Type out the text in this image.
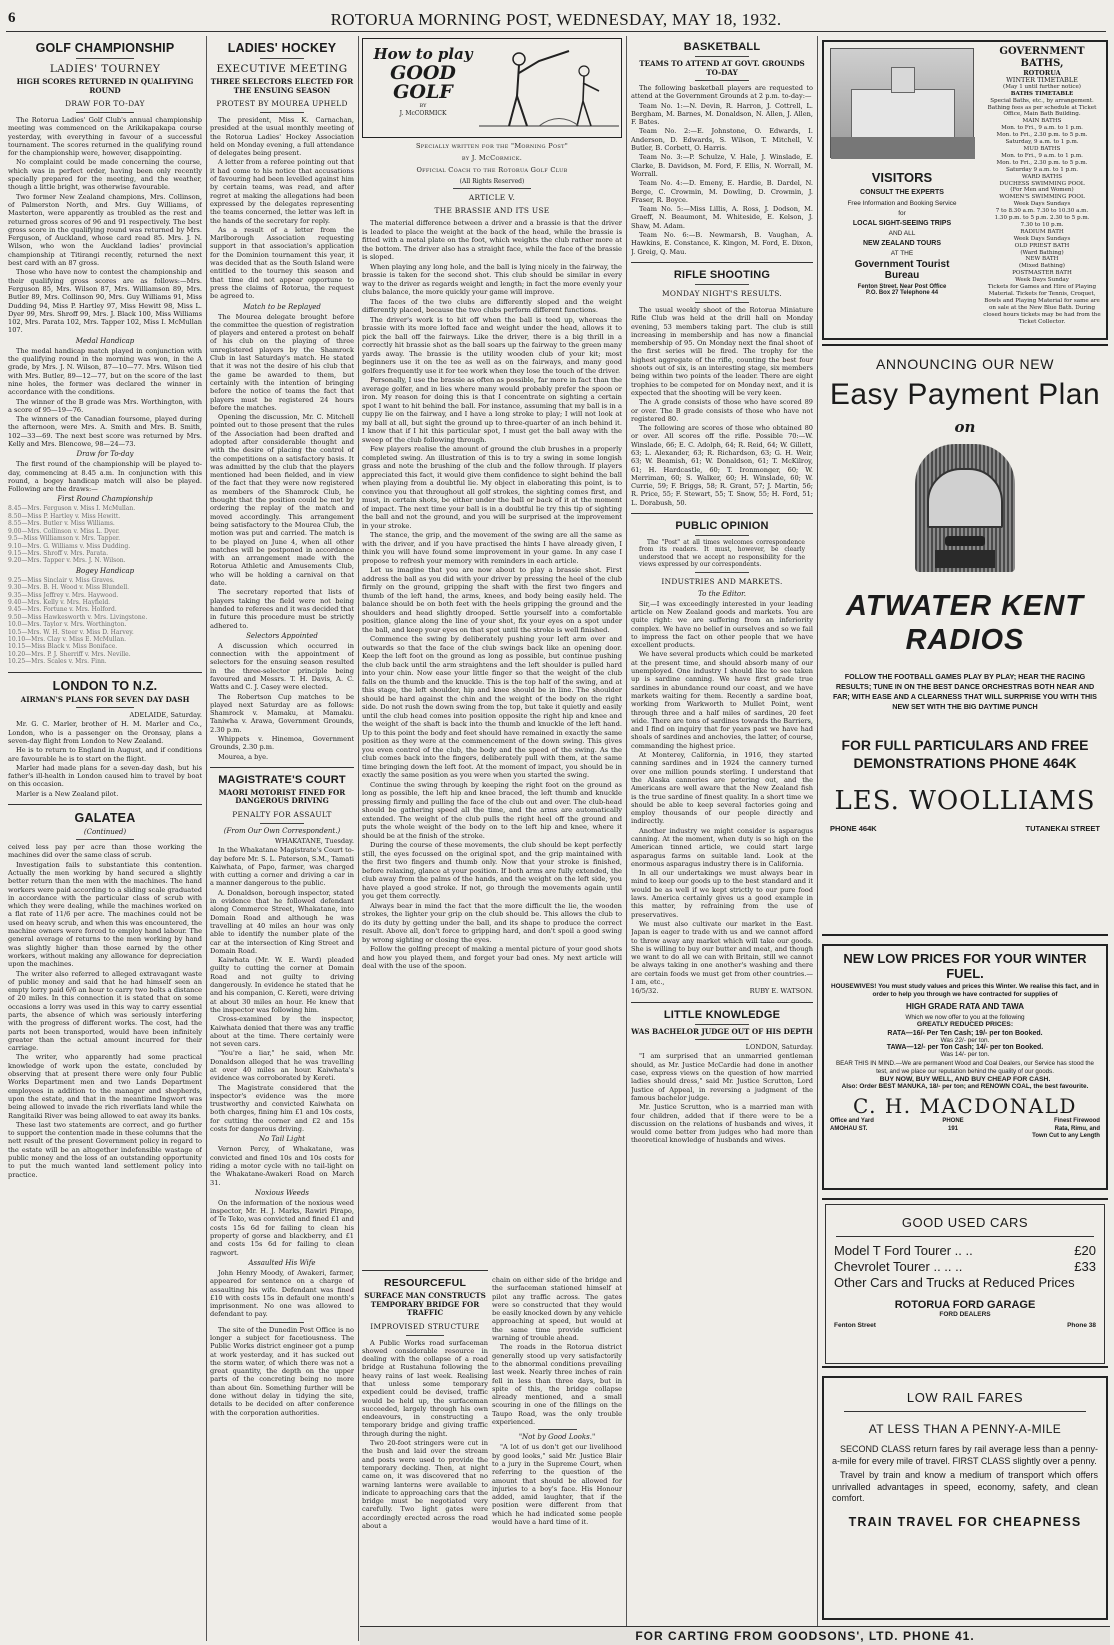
6	ROTORUA MORNING POST, WEDNESDAY, MAY 18, 1932.
GOLF CHAMPIONSHIP
LADIES' TOURNEY
HIGH SCORES RETURNED IN QUALIFYING ROUND
DRAW FOR TO-DAY

The Rotorua Ladies' Golf Club's annual championship meeting was commenced on the Arikikapakapa course yesterday, with everything in favour of a successful tournament. The scores returned in the qualifying round for the championship were, however, disappointing.

No complaint could be made concerning the course, which was in perfect order, having been only recently specially prepared for the meeting, and the weather, though a little bright, was otherwise favourable.

Two former New Zealand champions, Mrs. Collinson, of Palmerston North, and Mrs. Guy Williams, of Masterton, were apparently as troubled as the rest and returned gross scores of 96 and 91 respectively. The best gross score in the qualifying round was returned by Mrs. Ferguson, of Auckland, whose card read 85. Mrs. J. N. Wilson, who won the Auckland ladies' provincial championship at Titirangi recently, returned the next best card with an 87 gross.

Those who have now to contest the championship and their qualifying gross scores are as follows:—Mrs. Ferguson 85, Mrs. Wilson 87, Mrs. Williamson 89, Mrs. Butler 89, Mrs. Collinson 90, Mrs. Guy Williams 91, Miss Dudding 94, Miss P. Hartley 97, Miss Hewitt 98, Miss L. Dyer 99, Mrs. Shroff 99, Mrs. J. Black 100, Miss Williams 102, Mrs. Parata 102, Mrs. Tapper 102, Miss I. McMullan 107.

Medal Handicap

The medal handicap match played in conjunction with the qualifying round in the morning was won, in the A grade, by Mrs. J. N. Wilson, 87—10—77. Mrs. Wilson tied with Mrs. Butler, 89—12—77, but on the score of the last nine holes, the former was declared the winner in accordance with the conditions.

The winner of the B grade was Mrs. Worthington, with a score of 95—19—76.

The winners of the Canadian foursome, played during the afternoon, were Mrs. A. Smith and Mrs. B. Smith, 102—33—69. The next best score was returned by Mrs. Kelly and Mrs. Blencowe, 98—24—73.

Draw for To-day

The first round of the championship will be played to-day, commencing at 8.45 a.m. In conjunction with this round, a bogey handicap match will also be played. Following are the draws:—

First Round Championship
8.45—Mrs. Ferguson v. Miss I. McMullan.
8.50—Miss P. Hartley v. Miss Hewitt.
8.55—Mrs. Butler v. Miss Williams.
9.00—Mrs. Collinson v. Miss L. Dyer.
9.5—Miss Williamson v. Mrs. Tapper.
9.10—Mrs. G. Williams v. Miss Dudding.
9.15—Mrs. Shroff v. Mrs. Parata.
9.20—Mrs. Tapper v. Mrs. J. N. Wilson.
Bogey Handicap
9.25—Miss Sinclair v. Miss Graves.
9.30—Mrs. B. H. Wood v. Miss Blundell.
9.35—Miss Jeffrey v. Mrs. Haywood.
9.40—Mrs. Kelly v. Mrs. Hayfield.
9.45—Mrs. Fortune v. Mrs. Holford.
9.50—Miss Hawkesworth v. Mrs. Livingstone.
10.0—Mrs. Taylor v. Mrs. Worthington.
10.5—Mrs. W. H. Steer v. Miss D. Harvey.
10.10—Mrs. Clay v. Miss E. McMullan.
10.15—Miss Black v. Miss Boniface.
10.20—Mrs. P. J. Sherriff v. Mrs. Neville.
10.25—Mrs. Scales v. Mrs. Finn.
LONDON TO N.Z.
AIRMAN'S PLANS FOR SEVEN DAY DASH

ADELAIDE, Saturday.

Mr. G. C. Marler, brother of H. M. Marler and Co., London, who is a passenger on the Oronsay, plans a seven-day flight from London to New Zealand.

He is to return to England in August, and if conditions are favourable he is to start on the flight.

Marler had made plans for a seven-day dash, but his father's ill-health in London caused him to travel by boat on this occasion.

Marler is a New Zealand pilot.

GALATEA
(Continued)

ceived less pay per acre than those working the machines did over the same class of scrub.

Investigation fails to substantiate this contention. Actually the men working by hand secured a slightly better return than the men with the machines. The hand workers were paid according to a sliding scale graduated in accordance with the particular class of scrub with which they were dealing, while the machines worked on a flat rate of 11/6 per acre. The machines could not be used on heavy scrub, and when this was encountered, the machine owners were forced to employ hand labour. The general average of returns to the men working by hand was slightly higher than those earned by the other workers, without making any allowance for depreciation upon the machines.

The writer also referred to alleged extravagant waste of public money and said that he had himself seen an empty lorry paid 6/6 an hour to carry two bolts a distance of 20 miles. In this connection it is stated that on some occasions a lorry was used in this way to carry essential parts, the absence of which was seriously interfering with the progress of different works. The cost, had the parts not been transported, would have been infinitely greater than the actual amount incurred for their carriage.

The writer, who apparently had some practical knowledge of work upon the estate, concluded by observing that at present there were only four Public Works Department men and two Lands Department employees in addition to the manager and shepherds, upon the estate, and that in the meantime Ingwort was being allowed to invade the rich riverflats land while the Rangitaiki River was being allowed to eat away its banks.

These last two statements are correct, and go further to support the contention made in these columns that the nett result of the present Government policy in regard to the estate will be an altogether indefensible wastage of public money and the loss of an outstanding opportunity to put the much wanted land settlement policy into practice.

LADIES' HOCKEY
EXECUTIVE MEETING
THREE SELECTORS ELECTED FOR THE ENSUING SEASON
PROTEST BY MOUREA UPHELD

The president, Miss K. Carnachan, presided at the usual monthly meeting of the Rotorua Ladies' Hockey Association held on Monday evening, a full attendance of delegates being present.

A letter from a referee pointing out that it had come to his notice that accusations of favouring had been levelled against him by certain teams, was read, and after regret at making the allegations had been expressed by the delegates representing the teams concerned, the letter was left in the hands of the secretary for reply.

As a result of a letter from the Marlborough Association requesting support in that association's application for the Dominion tournament this year, it was decided that as the South Island were entitled to the tourney this season and that time did not appear opportune to press the claims of Rotorua, the request be agreed to.

Match to be Replayed

The Mourea delegate brought before the committee the question of registration of players and entered a protest on behalf of his club on the playing of three unregistered players by the Shamrock Club in last Saturday's match. He stated that it was not the desire of his club that the game be awarded to them, but certainly with the intention of bringing before the notice of teams the fact that players must be registered 24 hours before the matches.

Opening the discussion, Mr. C. Mitchell pointed out to those present that the rules of the Association had been drafted and adopted after considerable thought and with the desire of placing the control of the competitions on a satisfactory basis. It was admitted by the club that the players mentioned had been fielded, and in view of the fact that they were now registered as members of the Shamrock Club, he thought that the position could be met by ordering the replay of the match and moved accordingly. This arrangement being satisfactory to the Mourea Club, the motion was put and carried. The match is to be played on June 4, when all other matches will be postponed in accordance with an arrangement made with the Rotorua Athletic and Amusements Club, who will be holding a carnival on that date.

The secretary reported that lists of players taking the field were not being handed to referees and it was decided that in future this procedure must be strictly adhered to.

Selectors Appointed

A discussion which occurred in connection with the appointment of selectors for the ensuing season resulted in the three-selector principle being favoured and Messrs. T. H. Davis, A. C. Watts and C. J. Casey were elected.

The Robertson Cup matches to be played next Saturday are as follows: Shamrock v. Mamaku, at Mamaku. Taniwha v. Arawa, Government Grounds, 2.30 p.m.

Whippets v. Hinemoa, Government Grounds, 2.30 p.m.

Mourea, a bye.

MAGISTRATE'S COURT
MAORI MOTORIST FINED FOR DANGEROUS DRIVING
PENALTY FOR ASSAULT
(From Our Own Correspondent.)

WHAKATANE, Tuesday.

In the Whakatane Magistrate's Court to-day before Mr. S. L. Paterson, S.M., Tamati Kaiwhata, of Papo, farmer, was charged with cutting a corner and driving a car in a manner dangerous to the public.

A. Donaldson, borough inspector, stated in evidence that he followed defendant along Commerce Street, Whakatane, into Domain Road and although he was travelling at 40 miles an hour was only able to identify the number plate of the car at the intersection of King Street and Domain Road.

Kaiwhata (Mr. W. E. Ward) pleaded guilty to cutting the corner at Domain Road and not guilty to driving dangerously. In evidence he stated that he and his companion, C. Kereti, were driving at about 30 miles an hour. He knew that the inspector was following him.

Cross-examined by the inspector, Kaiwhata denied that there was any traffic about at the time. There certainly were not seven cars.

"You're a liar," he said, when Mr. Donaldson alleged that he was travelling at over 40 miles an hour. Kaiwhata's evidence was corroborated by Kereti.

The Magistrate considered that the inspector's evidence was the more trustworthy and convicted Kaiwhata on both charges, fining him £1 and 10s costs, for cutting the corner and £2 and 15s costs for dangerous driving.

No Tail Light

Vernon Percy, of Whakatane, was convicted and fined 10s and 10s costs for riding a motor cycle with no tail-light on the Whakatane-Awakeri Road on March 31.

Noxious Weeds

On the information of the noxious weed inspector, Mr. H. J. Marks, Rawiri Pirapo, of Te Teko, was convicted and fined £1 and costs 15s 6d for failing to clean his property of gorse and blackberry, and £1 and costs 15s 6d for failing to clean ragwort.

Assaulted His Wife

John Henry Moody, of Awakeri, farmer, appeared for sentence on a charge of assaulting his wife. Defendant was fined £10 with costs 15s in default one month's imprisonment. No one was allowed to defendant to pay.

The site of the Dunedin Post Office is no longer a subject for facetiousness. The Public Works district engineer got a pump at work yesterday, and it has sucked out the storm water, of which there was not a great quantity, the depth on the upper parts of the concreting being no more than about 6in. Something further will be done without delay in tidying the site, details to be decided on after conference with the corporation authorities.

How to play
GOOD
GOLF
BY
J. McCORMICK
Specially written for the "Morning Post"
by J. McCormick.
Official Coach to the Rotorua Golf Club
(All Rights Reserved)
ARTICLE V.
THE BRASSIE AND ITS USE
The material difference between a driver and a brassie is that the driver is leaded to place the weight at the back of the head, while the brassie is fitted with a metal plate on the foot, which weights the club rather more at the bottom. The driver also has a straight face, while the face of the brassie is sloped.
When playing any long hole, and the ball is lying nicely in the fairway, the brassie is taken for the second shot. This club should be similar in every way to the driver as regards weight and length; in fact the more evenly your clubs balance, the more quickly your game will improve.
The faces of the two clubs are differently sloped and the weight differently placed, because the two clubs perform different functions.
The driver's work is to hit off when the ball is teed up, whereas the brassie with its more lofted face and weight under the head, allows it to pick the ball off the fairways. Like the driver, there is a big thrill in a correctly hit brassie shot as the ball soars up the fairway to the green many yards away. The brassie is the utility wooden club of your kit; most beginners use it on the tee as well as on the fairways, and many good golfers frequently use it for tee work when they lose the touch of the driver.
Personally, I use the brassie as often as possible, far more in fact than the average golfer, and in lies where many would probably prefer the spoon or iron. My reason for doing this is that I concentrate on sighting a certain spot I want to hit behind the ball. For instance, assuming that my ball is in a cuppy lie on the fairway, and I have a long stroke to play; I will not look at my ball at all, but sight the ground up to three-quarter of an inch behind it. I know that if I hit this particular spot, I must get the ball away with the sweep of the club following through.
Few players realise the amount of ground the club brushes in a properly completed swing. An illustration of this is to try a swing in some longish grass and note the brushing of the club and the follow through. If players appreciated this fact, it would give them confidence to sight behind the ball when playing from a doubtful lie. My object in elaborating this point, is to convince you that throughout all golf strokes, the sighting comes first, and must, in certain shots, be either under the ball or back of it at the moment of impact. The next time your ball is in a doubtful lie try this tip of sighting the ball and not the ground, and you will be surprised at the improvement in your stroke.
The stance, the grip, and the movement of the swing are all the same as with the driver, and if you have practised the hints I have already given, I think you will have found some improvement in your game. In any case I propose to refresh your memory with reminders in each article.
Let us imagine that you are now about to play a brassie shot. First address the ball as you did with your driver by pressing the heel of the club firmly on the ground, gripping the shaft with the first two fingers and thumb of the left hand, the arms, knees, and body being easily held. The balance should be on both feet with the heels gripping the ground and the shoulders and head slightly drooped. Settle yourself into a comfortable position, glance along the line of your shot, fix your eyes on a spot under the ball, and keep your eyes on that spot until the stroke is well finished.
Commence the swing by deliberately pushing your left arm over and outwards so that the face of the club swings back like an opening door. Keep the left foot on the ground as long as possible, but continue pushing the club back until the arm straightens and the left shoulder is pulled hard into your chin. Now ease your little finger so that the weight of the club falls on the thumb and the knuckle. This is the top half of the swing, and at this stage, the left shoulder, hip and knee should be in line. The shoulder should be hard against the chin and the weight of the body on the right side. Do not rush the down swing from the top, but take it quietly and easily until the club head comes into position opposite the right hip and knee and the weight of the shaft is back into the thumb and knuckle of the left hand. Up to this point the body and feet should have remained in exactly the same position as they were at the commencement of the down swing. This gives you even control of the club, the body and the speed of the swing. As the club comes back into the fingers, deliberately pull with them, at the same time bringing down the left foot. At the moment of impact, you should be in exactly the same position as you were when you started the swing.
Continue the swing through by keeping the right foot on the ground as long as possible, the left hip and knee braced, the left thumb and knuckle pressing firmly and pulling the face of the club out and over. The club-head should be gathering speed all the time, and the arms are automatically extended. The weight of the club pulls the right heel off the ground and puts the whole weight of the body on to the left hip and knee, where it should be at the finish of the stroke.
During the course of these movements, the club should be kept perfectly still, the eyes focussed on the original spot, and the grip maintained with the first two fingers and thumb only. Now that your stroke is finished, before relaxing, glance at your position. If both arms are fully extended, the club away from the palms of the hands, and the weight on the left side, you have played a good stroke. If not, go through the movements again until you get them correctly.
Always bear in mind the fact that the more difficult the lie, the wooden strokes, the lighter your grip on the club should be. This allows the club to do its duty by getting under the ball, and its shape to produce the correct result. Above all, don't force to gripping hard, and don't spoil a good swing by wrong sighting or closing the eyes.
Follow the golfing precept of making a mental picture of your good shots and how you played them, and forget your bad ones. My next article will deal with the use of the spoon.
RESOURCEFUL
SURFACE MAN CONSTRUCTS TEMPORARY BRIDGE FOR TRAFFIC
IMPROVISED STRUCTURE

A Public Works road surfaceman showed considerable resource in dealing with the collapse of a road bridge at Rustahuna following the heavy rains of last week. Realising that unless some temporary expedient could be devised, traffic would be held up, the surfaceman succeeded, largely through his own endeavours, in constructing a temporary bridge and giving traffic through during the night.

Two 20-foot stringers were cut in the bush and laid over the stream and posts were used to provide the temporary decking. Then, at night came on, it was discovered that no warning lanterns were available to indicate to approaching cars that the bridge must be negotiated very carefully. Two light gates were accordingly erected across the road about a

chain on either side of the bridge and the surfaceman stationed himself at pilot any traffic across. The gates were so constructed that they would be easily knocked down by any vehicle approaching at speed, but would at the same time provide sufficient warning of trouble ahead.

The roads in the Rotorua district generally stood up very satisfactorily to the abnormal conditions prevailing last week. Nearly three inches of rain fell in less than three days, but in spite of this, the bridge collapse already mentioned, and a small scouring in one of the fillings on the Taupo Road, was the only trouble experienced.

"Not by Good Looks."

"A lot of us don't get our livelihood by good looks," said Mr. Justice Blair to a jury in the Supreme Court, when referring to the question of the amount that should be allowed for injuries to a boy's face. His Honour added, amid laughter, that if the position were different from that which he had indicated some people would have a hard time of it.

BASKETBALL
TEAMS TO ATTEND AT GOVT. GROUNDS TO-DAY

The following basketball players are requested to attend at the Government Grounds at 2 p.m. to-day:—

Team No. 1:—N. Devin, R. Harron, J. Cottrell, L. Bergham, M. Barnes, M. Donaldson, N. Allen, J. Allen, F. Bates.
Team No. 2:—E. Johnstone, O. Edwards, I. Anderson, D. Edwards, S. Wilson, T. Mitchell, V. Butler, B. Corbett, O. Harris.
Team No. 3:—P. Schulze, V. Hale, J. Winslade, E. Clarke, B. Davidson, M. Ford, F. Ellis, N. Worrall, M. Worrall.
Team No. 4:—D. Emeny, E. Hardie, B. Dardel, N. Berge, C. Crowmin, M. Dowling, D. Crowmin, J. Fraser, R. Boyce.
Team No. 5:—Miss Lillis, A. Ross, J. Dodson, M. Graeff, N. Beaumont, M. Whiteside, E. Kelson, J. Shaw, M. Adam.
Team No. 6:—B. Newmarsh, B. Vaughan, A. Hawkins, E. Constance, K. Kingon, M. Ford, E. Dixon, J. Greig, Q. Mau.
RIFLE SHOOTING
MONDAY NIGHT'S RESULTS.

The usual weekly shoot of the Rotorua Miniature Rifle Club was held at the drill hall on Monday evening, 53 members taking part. The club is still increasing in membership and has now a financial membership of 95. On Monday next the final shoot of the first series will be fired. The trophy for the highest aggregate of the rifle, counting the best four shoots out of six, is an interesting stage, six members being within two points of the leader. There are eight trophies to be competed for on Monday next, and it is expected that the shooting will be very keen.

The A grade consists of those who have scored 89 or over. The B grade consists of those who have not registered 80.

The following are scores of those who obtained 80 or over. All scores off the rifle. Possible 70:—W. Winslade, 66; E. C. Adolph, 64; R. Reid, 64; W. Gillett, 63; L. Alexander, 63; R. Richardson, 63; G. H. Weir, 63; W. Beamish, 61; W. Donaldson, 61; T. McKilroy, 61; H. Hardcastle, 60; T. Ironmonger, 60; W. Merriman, 60; S. Walker, 60; H. Winslade, 60; W. Currie, 59; F. Briggs, 58; R. Grant, 57; J. Martin, 56; R. Price, 55; F. Stewart, 55; T. Snow, 55; H. Ford, 51; L. Dorabush, 50.

PUBLIC OPINION

The "Post" at all times welcomes correspondence from its readers. It must, however, be clearly understood that we accept no responsibility for the views expressed by our correspondents.

INDUSTRIES AND MARKETS.
To the Editor.

Sir,—I was exceedingly interested in your leading article on New Zealand goods and markets. You are quite right: we are suffering from an inferiority complex. We have no belief in ourselves and so we fail to impress the fact on other people that we have excellent products.

We have several products which could be marketed at the present time, and should absorb many of our unemployed. One industry I should like to see taken up is sardine canning. We have first grade true sardines in abundance round our coast, and we have markets waiting for them. Recently a sardine boat, working from Warkworth to Mullet Point, went through three and a half miles of sardines, 20 feet wide. There are tons of sardines towards the Barriers, and I find on inquiry that for years past we have had shoals of sardines and anchovies, the latter, of course, commanding the highest price.

At Monterey, California, in 1916, they started canning sardines and in 1924 the cannery turned over one million pounds sterling. I understand that the Alaska canneries are petering out, and the Americans are well aware that the New Zealand fish is the true sardine of finest quality. In a short time we should be able to keep several factories going and employ thousands of our people directly and indirectly.

Another industry we might consider is asparagus canning. At the moment, when duty is so high on the American tinned article, we could start large asparagus farms on suitable land. Look at the enormous asparagus industry there is in California.

In all our undertakings we must always bear in mind to keep our goods up to the best standard and it would be as well if we kept strictly to our pure food laws. America certainly gives us a good example in this matter, by refraining from the use of preservatives.

We must also cultivate our market in the East. Japan is eager to trade with us and we cannot afford to throw away any market which will take our goods. She is willing to buy our butter and meat, and though we want to do all we can with Britain, still we cannot be always taking in one another's washing and there are certain foods we must get from other countries.—I am, etc.,

16/5/32.	RUBY E. WATSON.

LITTLE KNOWLEDGE
WAS BACHELOR JUDGE OUT OF HIS DEPTH

LONDON, Saturday.

"I am surprised that an unmarried gentleman should, as Mr. Justice McCardie had done in another case, express views on the question of how married ladies should dress," said Mr. Justice Scrutton, Lord Justice of Appeal, in reversing a judgment of the famous bachelor judge.

Mr. Justice Scrutton, who is a married man with four children, added that if there were to be a discussion on the relations of husbands and wives, it would come better from judges who had more than theoretical knowledge of husbands and wives.

VISITORS
CONSULT THE EXPERTS
Free Information and Booking Service
for
LOCAL SIGHT-SEEING TRIPS
AND ALL
NEW ZEALAND TOURS
AT THE
Government Tourist
Bureau
Fenton Street. Near Post Office
P.O. Box 27 Telephone 44
GOVERNMENT BATHS,
ROTORUA
WINTER TIMETABLE
(May 1 until further notice)
BATHS TIMETABLE
Special Baths, etc., by arrangement. Bathing fees as per schedule at Ticket Office, Main Bath Building.
MAIN BATHS
Mon. to Fri., 9 a.m. to 1 p.m.
Mon. to Fri., 2.30 p.m. to 5 p.m.
Saturday, 9 a.m. to 1 p.m.
MUD BATHS
Mon. to Fri., 9 a.m. to 1 p.m.
Mon. to Fri., 2.30 p.m. to 5 p.m.
Saturday 9 a.m. to 1 p.m.
WARD BATHS
DUCHESS SWIMMING POOL
(For Men and Women)
WOMEN'S SWIMMING POOL
Week Days Sundays
7 to 8.30 a.m. 7.30 to 10.30 a.m.
1.30 p.m. to 5 p.m. 2.30 to 5 p.m.
7.30 to 10 p.m.
RADIUM BATH
Week Days Sundays
OLD PRIEST BATH
(Ward Bathing)
NEW BATH
(Mixed Bathing)
POSTMASTER BATH
Week Days Sunday
Tickets for Games and Hire of Playing Material. Tickets for Tennis, Croquet, Bowls and Playing Material for same are on sale at the New Blue Bath. During closed hours tickets may be had from the Ticket Collector.
ANNOUNCING OUR NEW
Easy Payment Plan
on
ATWATER KENT
RADIOS
FOLLOW THE FOOTBALL GAMES PLAY BY PLAY; HEAR THE RACING RESULTS; TUNE IN ON THE BEST DANCE ORCHESTRAS BOTH NEAR AND FAR; WITH EASE AND A CLEARNESS THAT WILL SURPRISE YOU WITH THIS NEW SET WITH THE BIG DAYTIME PUNCH
FOR FULL PARTICULARS AND FREE DEMONSTRATIONS PHONE 464K
LES. WOOLLIAMS
PHONE 464K	TUTANEKAI STREET
NEW LOW PRICES FOR YOUR WINTER FUEL.

HOUSEWIVES! You must study values and prices this Winter. We realise this fact, and in order to help you through we have contracted for supplies of

HIGH GRADE RATA AND TAWA
Which we now offer to you at the following
GREATLY REDUCED PRICES:
RATA—16/- Per Ten Cash; 19/- per ton Booked.
Was 22/- per ton.
TAWA—12/- per Ton Cash; 14/- per ton Booked.
Was 14/- per ton.

BEAR THIS IN MIND.—We are permanent Wood and Coal Dealers, our Service has stood the test, and we place our reputation behind the quality of our goods.

BUY NOW, BUY WELL, AND BUY CHEAP FOR CASH.
Also: Order BEST MANUKA, 18/- per ton; and RENOWN COAL, the best favourite.
C. H. MACDONALD
Office and Yard
AMOHAU ST.
PHONE
191
Finest Firewood
Rata, Rimu, and
Town Cut to any Length
GOOD USED CARS
Model T Ford Tourer .. ..	£20
Chevrolet Tourer .. .. ..	£33
Other Cars and Trucks at Reduced Prices
ROTORUA FORD GARAGE
FORD DEALERS
Fenton Street	Phone 38
LOW RAIL FARES
AT LESS THAN A PENNY-A-MILE

SECOND CLASS return fares by rail average less than a penny-a-mile for every mile of travel. FIRST CLASS slightly over a penny.

Travel by train and know a medium of transport which offers unrivalled advantages in speed, economy, safety, and clean comfort.

TRAIN TRAVEL FOR CHEAPNESS
FOR CARTING FROM GOODSONS', LTD. PHONE 41.
